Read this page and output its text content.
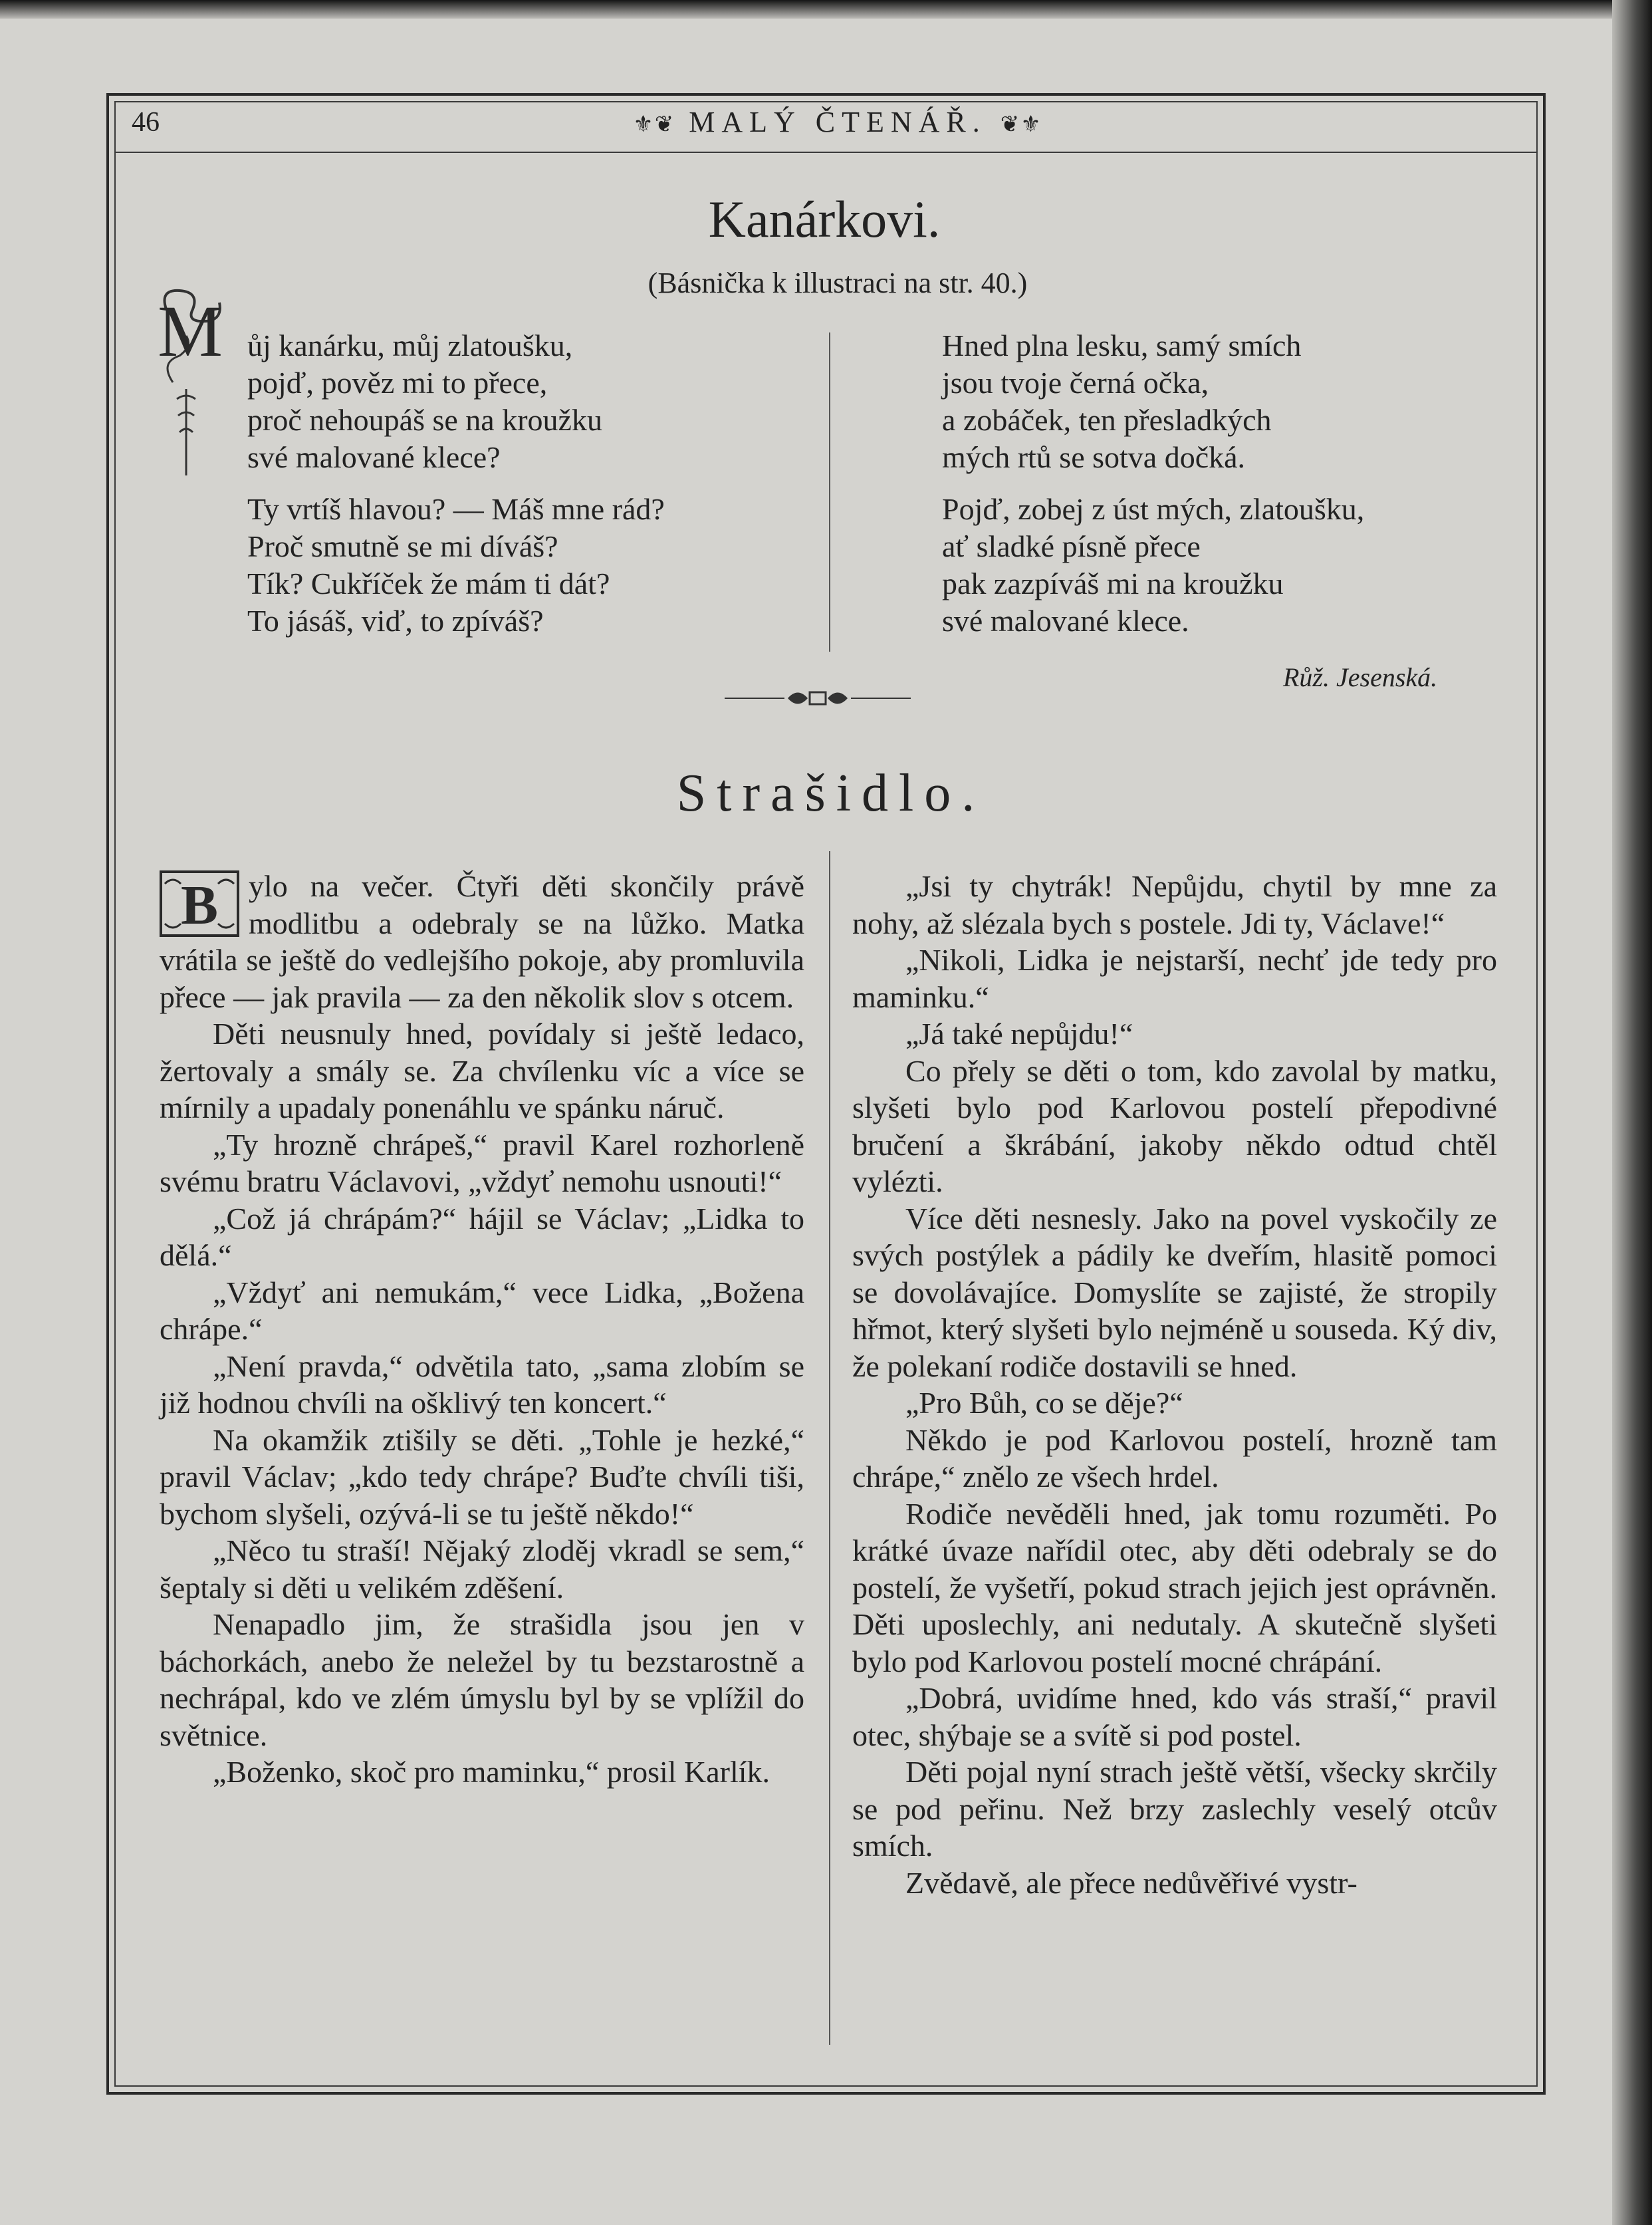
46	⚜❦ MALÝ ČTENÁŘ. ❦⚜
Kanárkovi.
(Básnička k illustraci na str. 40.)
M ůj kanárku, můj zlatoušku,
pojď, pověz mi to přece,
proč nehoupáš se na kroužku
své malované klece?

Ty vrtíš hlavou? — Máš mne rád?
Proč smutně se mi díváš?
Tík? Cukříček že mám ti dát?
To jásáš, viď, to zpíváš?

Hned plna lesku, samý smích
jsou tvoje černá očka,
a zobáček, ten přesladkých
mých rtů se sotva dočká.

Pojď, zobej z úst mých, zlatoušku,
ať sladké písně přece
pak zazpíváš mi na kroužku
své malované klece.

Růž. Jesenská.
Strašidlo.

B ylo na večer. Čtyři děti skončily právě modlitbu a odebraly se na lůžko. Matka vrátila se ještě do vedlejšího pokoje, aby promluvila přece — jak pravila — za den několik slov s otcem.

Děti neusnuly hned, povídaly si ještě ledaco, žertovaly a smály se. Za chvílenku víc a více se mírnily a upadaly ponenáhlu ve spánku náruč.

„Ty hrozně chrápeš,“ pravil Karel rozhorleně svému bratru Václavovi, „vždyť nemohu usnouti!“

„Což já chrápám?“ hájil se Václav; „Lidka to dělá.“

„Vždyť ani nemukám,“ vece Lidka, „Božena chrápe.“

„Není pravda,“ odvětila tato, „sama zlobím se již hodnou chvíli na ošklivý ten koncert.“

Na okamžik ztišily se děti. „Tohle je hezké,“ pravil Václav; „kdo tedy chrápe? Buďte chvíli tiši, bychom slyšeli, ozývá-li se tu ještě někdo!“

„Něco tu straší! Nějaký zloděj vkradl se sem,“ šeptaly si děti u velikém zděšení.

Nenapadlo jim, že strašidla jsou jen v báchorkách, anebo že neležel by tu bezstarostně a nechrápal, kdo ve zlém úmyslu byl by se vplížil do světnice.

„Boženko, skoč pro maminku,“ prosil Karlík.

„Jsi ty chytrák! Nepůjdu, chytil by mne za nohy, až slézala bych s postele. Jdi ty, Václave!“

„Nikoli, Lidka je nejstarší, nechť jde tedy pro maminku.“

„Já také nepůjdu!“

Co přely se děti o tom, kdo zavolal by matku, slyšeti bylo pod Karlovou postelí přepodivné bručení a škrábání, jakoby někdo odtud chtěl vylézti.

Více děti nesnesly. Jako na povel vyskočily ze svých postýlek a pádily ke dveřím, hlasitě pomoci se dovolávajíce. Domyslíte se zajisté, že stropily hřmot, který slyšeti bylo nejméně u souseda. Ký div, že polekaní rodiče dostavili se hned.

„Pro Bůh, co se děje?“

Někdo je pod Karlovou postelí, hrozně tam chrápe,“ znělo ze všech hrdel.

Rodiče nevěděli hned, jak tomu rozuměti. Po krátké úvaze nařídil otec, aby děti odebraly se do postelí, že vyšetří, pokud strach jejich jest oprávněn. Děti uposlechly, ani nedutaly. A skutečně slyšeti bylo pod Karlovou postelí mocné chrápání.

„Dobrá, uvidíme hned, kdo vás straší,“ pravil otec, shýbaje se a svítě si pod postel.

Děti pojal nyní strach ještě větší, všecky skrčily se pod peřinu. Než brzy zaslechly veselý otcův smích.

Zvědavě, ale přece nedůvěřivé vystr-
